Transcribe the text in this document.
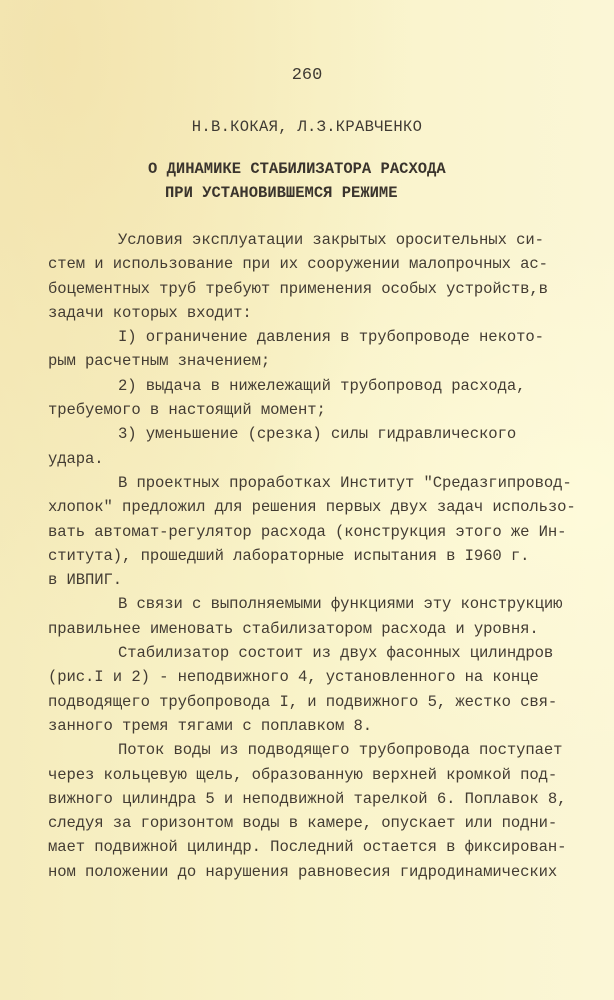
260
Н.В.КОКАЯ, Л.З.КРАВЧЕНКО
О ДИНАМИКЕ СТАБИЛИЗАТОРА РАСХОДА
ПРИ УСТАНОВИВШЕМСЯ РЕЖИМЕ
Условия эксплуатации закрытых оросительных си-
стем и использование при их сооружении малопрочных ас-
боцементных труб требуют применения особых устройств,в
задачи которых входит:
I) ограничение давления в трубопроводе некото-
рым расчетным значением;
2) выдача в нижележащий трубопровод расхода,
требуемого в настоящий момент;
3) уменьшение (срезка) силы гидравлического
удара.
В проектных проработках Институт "Средазгипровод-
хлопок" предложил для решения первых двух задач использо-
вать автомат-регулятор расхода (конструкция этого же Ин-
ститута), прошедший лабораторные испытания в I960 г.
в ИВПИГ.
В связи с выполняемыми функциями эту конструкцию
правильнее именовать стабилизатором расхода и уровня.
Стабилизатор состоит из двух фасонных цилиндров
(рис.I и 2) - неподвижного 4, установленного на конце
подводящего трубопровода I, и подвижного 5, жестко свя-
занного тремя тягами с поплавком 8.
Поток воды из подводящего трубопровода поступает
через кольцевую щель, образованную верхней кромкой под-
вижного цилиндра 5 и неподвижной тарелкой 6. Поплавок 8,
следуя за горизонтом воды в камере, опускает или подни-
мает подвижной цилиндр. Последний остается в фиксирован-
ном положении до нарушения равновесия гидродинамических
